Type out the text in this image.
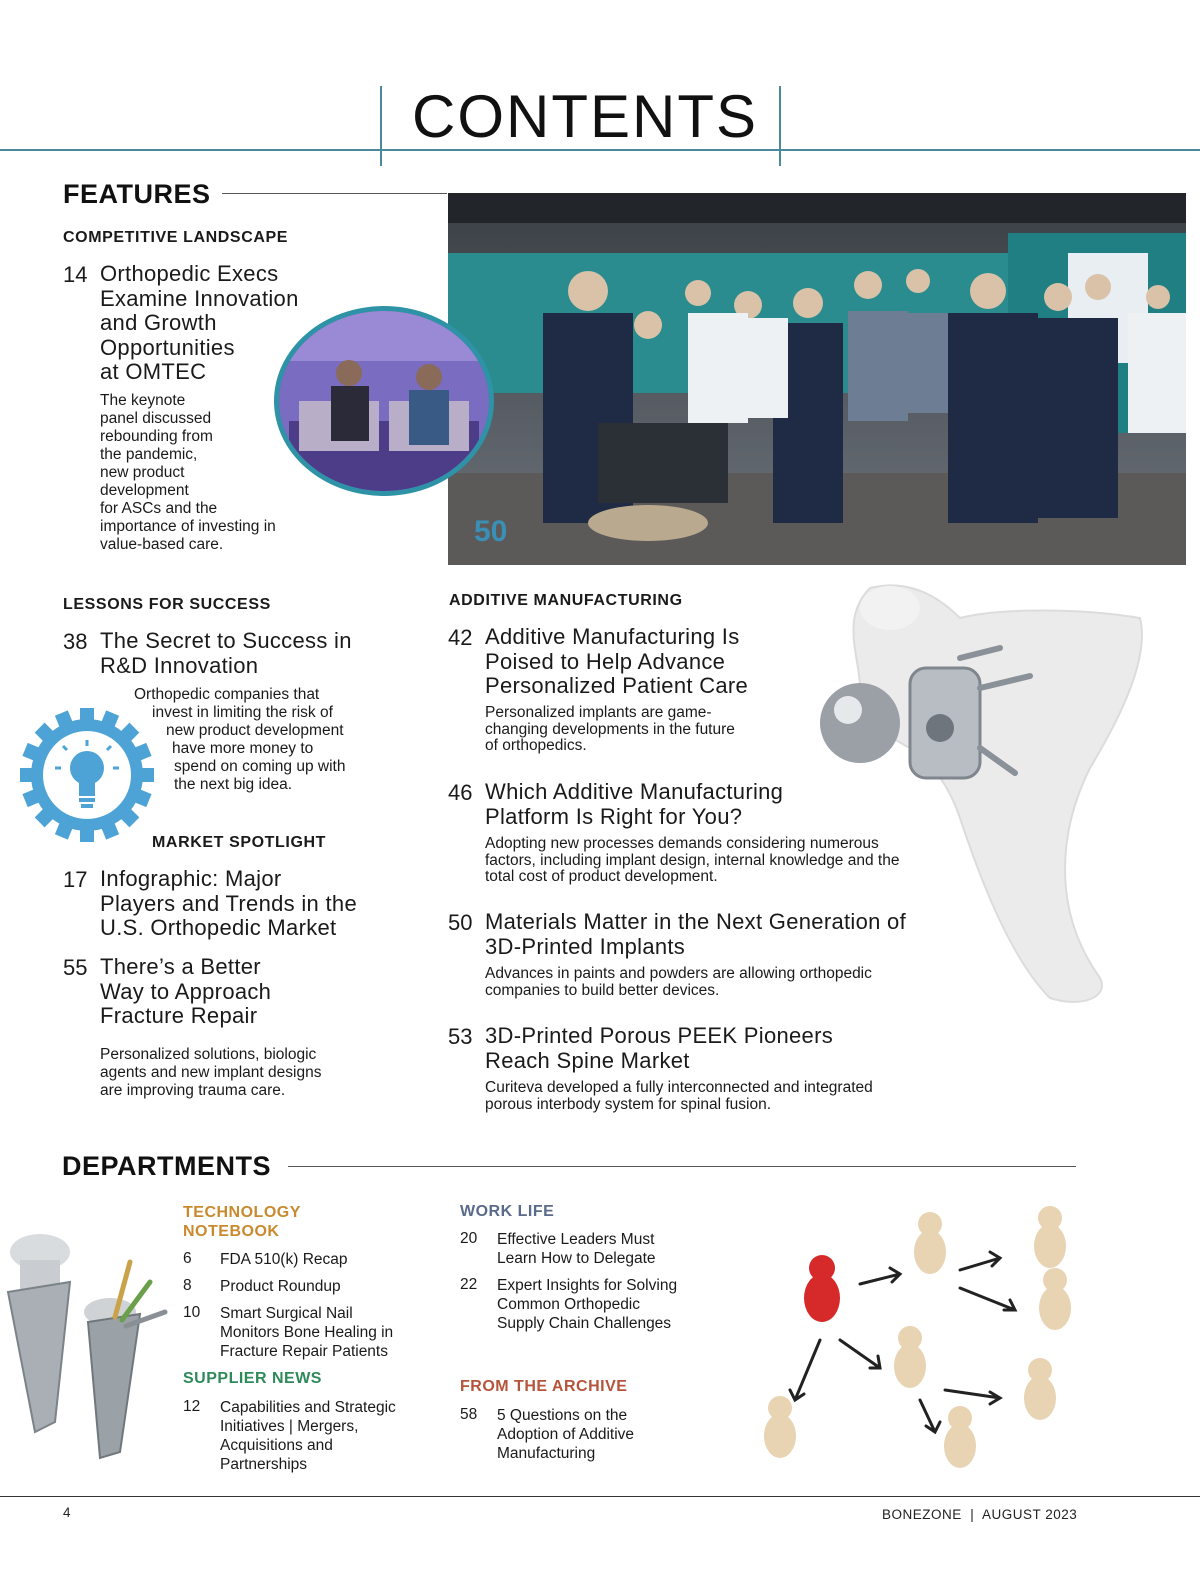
CONTENTS
FEATURES
COMPETITIVE LANDSCAPE
14 Orthopedic Execs
Examine Innovation
and Growth
Opportunities
at OMTEC
The keynote
panel discussed
rebounding from
the pandemic,
new product
development
for ASCs and the
importance of investing in
value-based care.	50
LESSONS FOR SUCCESS
38 The Secret to Success in
R&D Innovation
Orthopedic companies that
invest in limiting the risk of
new product development
have more money to
spend on coming up with
the next big idea.
MARKET SPOTLIGHT
17 Infographic: Major
Players and Trends in the
U.S. Orthopedic Market
55 There’s a Better
Way to Approach
Fracture Repair
Personalized solutions, biologic
agents and new implant designs
are improving trauma care.
ADDITIVE MANUFACTURING
42 Additive Manufacturing Is
Poised to Help Advance
Personalized Patient Care
Personalized implants are game-
changing developments in the future
of orthopedics.
46 Which Additive Manufacturing
Platform Is Right for You?
Adopting new processes demands considering numerous
factors, including implant design, internal knowledge and the
total cost of product development.
50 Materials Matter in the Next Generation of
3D-Printed Implants
Advances in paints and powders are allowing orthopedic
companies to build better devices.
53 3D-Printed Porous PEEK Pioneers
Reach Spine Market
Curiteva developed a fully interconnected and integrated
porous interbody system for spinal fusion.
DEPARTMENTS
TECHNOLOGY
NOTEBOOK
6 FDA 510(k) Recap
8 Product Roundup
10 Smart Surgical Nail
Monitors Bone Healing in
Fracture Repair Patients
SUPPLIER NEWS
12 Capabilities and Strategic
Initiatives | Mergers,
Acquisitions and
Partnerships
WORK LIFE
20 Effective Leaders Must
Learn How to Delegate
22 Expert Insights for Solving
Common Orthopedic
Supply Chain Challenges
FROM THE ARCHIVE
58 5 Questions on the
Adoption of Additive
Manufacturing
4	BONEZONE  |  AUGUST 2023
